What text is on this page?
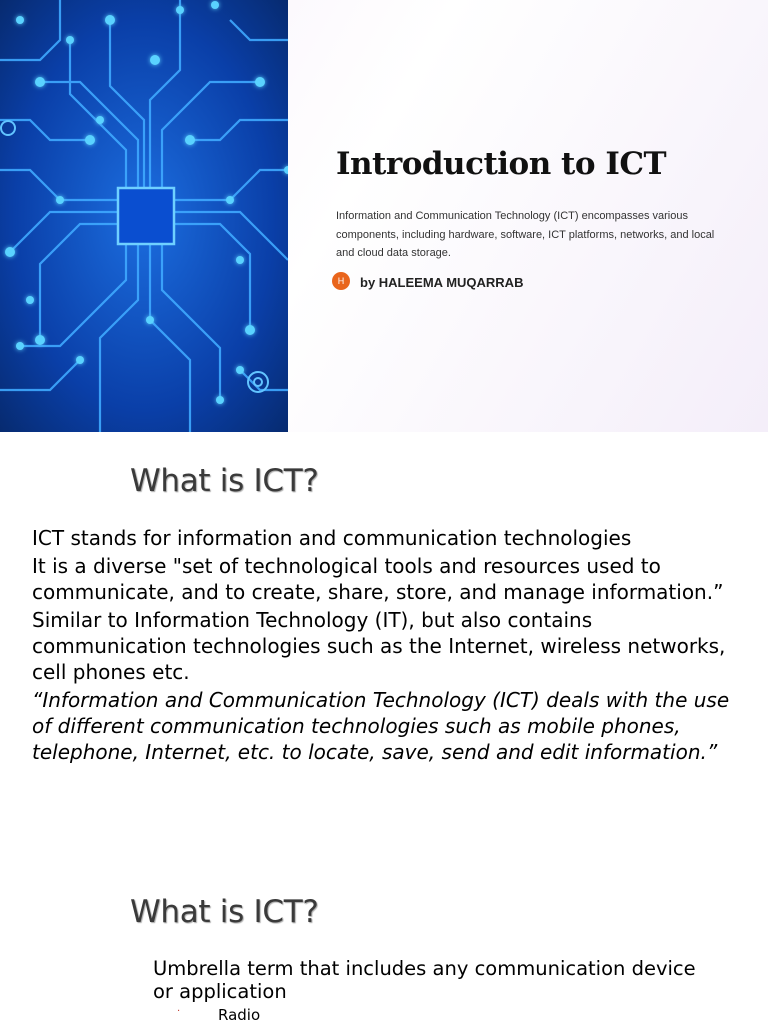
Introduction to ICT

Information and Communication Technology (ICT) encompasses various components, including hardware, software, ICT platforms, networks, and local and cloud data storage.

H	by HALEEMA MUQARRAB
What is ICT?

ICT stands for information and communication technologies

It is a diverse "set of technological tools and resources used to communicate, and to create, share, store, and manage information.”

Similar to Information Technology (IT), but also contains communication technologies such as the Internet, wireless networks, cell phones etc.

“Information and Communication Technology (ICT) deals with the use of different communication technologies such as mobile phones, telephone, Internet, etc. to locate, save, send and edit information.”

What is ICT?

Umbrella term that includes any communication device or application

·	Radio
